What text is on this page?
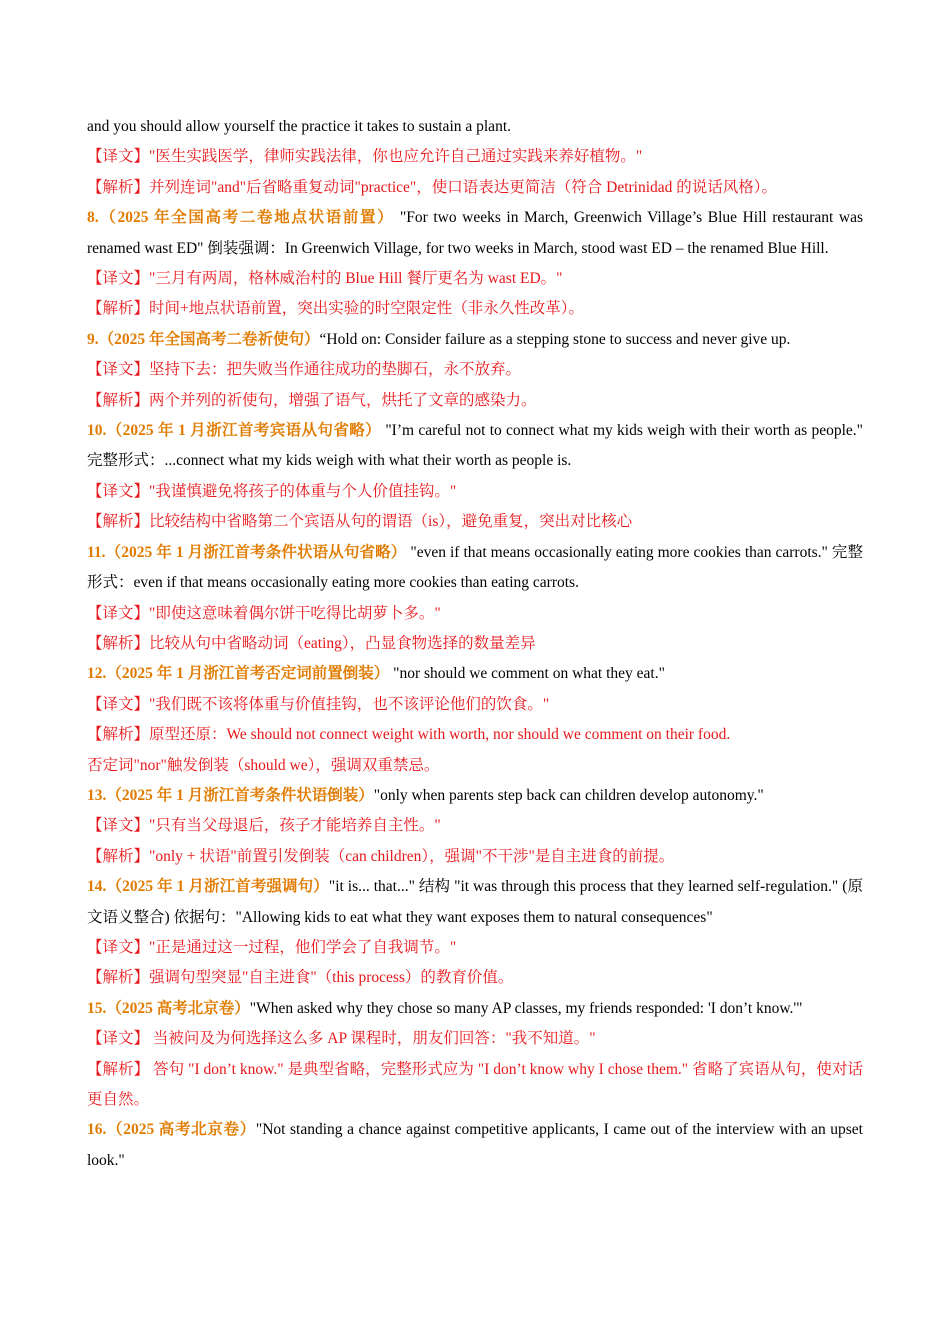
and you should allow yourself the practice it takes to sustain a plant.
【译文】"医生实践医学，律师实践法律，你也应允许自己通过实践来养好植物。"
【解析】并列连词"and"后省略重复动词"practice"，使口语表达更简洁（符合 Detrinidad 的说话风格）。
8.（2025 年全国高考二卷地点状语前置） "For two weeks in March, Greenwich Village’s Blue Hill restaurant was renamed wast ED" 倒装强调：In Greenwich Village, for two weeks in March, stood wast ED – the renamed Blue Hill.
【译文】"三月有两周，格林威治村的 Blue Hill 餐厅更名为 wast ED。"
【解析】时间+地点状语前置，突出实验的时空限定性（非永久性改革）。
9.（2025 年全国高考二卷祈使句）“Hold on: Consider failure as a stepping stone to success and never give up.
【译文】坚持下去：把失败当作通往成功的垫脚石，永不放弃。
【解析】两个并列的祈使句，增强了语气，烘托了文章的感染力。
10.（2025 年 1 月浙江首考宾语从句省略） "I’m careful not to connect what my kids weigh with their worth as people." 完整形式：...connect what my kids weigh with what their worth as people is.
【译文】"我谨慎避免将孩子的体重与个人价值挂钩。"
【解析】比较结构中省略第二个宾语从句的谓语（is），避免重复，突出对比核心
11.（2025 年 1 月浙江首考条件状语从句省略） "even if that means occasionally eating more cookies than carrots." 完整形式：even if that means occasionally eating more cookies than eating carrots.
【译文】"即使这意味着偶尔饼干吃得比胡萝卜多。"
【解析】比较从句中省略动词（eating），凸显食物选择的数量差异
12.（2025 年 1 月浙江首考否定词前置倒装） "nor should we comment on what they eat."
【译文】"我们既不该将体重与价值挂钩，也不该评论他们的饮食。"
【解析】原型还原：We should not connect weight with worth, nor should we comment on their food.
否定词"nor"触发倒装（should we），强调双重禁忌。
13.（2025 年 1 月浙江首考条件状语倒装）"only when parents step back can children develop autonomy."
【译文】"只有当父母退后，孩子才能培养自主性。"
【解析】"only + 状语"前置引发倒装（can children），强调"不干涉"是自主进食的前提。
14.（2025 年 1 月浙江首考强调句）"it is... that..." 结构 "it was through this process that they learned self-regulation." (原文语义整合) 依据句："Allowing kids to eat what they want exposes them to natural consequences"
【译文】"正是通过这一过程，他们学会了自我调节。"
【解析】强调句型突显"自主进食"（this process）的教育价值。
15.（2025 高考北京卷）"When asked why they chose so many AP classes, my friends responded: 'I don’t know.'"
【译文】 当被问及为何选择这么多 AP 课程时，朋友们回答："我不知道。"
【解析】 答句 "I don’t know." 是典型省略，完整形式应为 "I don’t know why I chose them." 省略了宾语从句，使对话更自然。
16.（2025 高考北京卷）"Not standing a chance against competitive applicants, I came out of the interview with an upset look."
